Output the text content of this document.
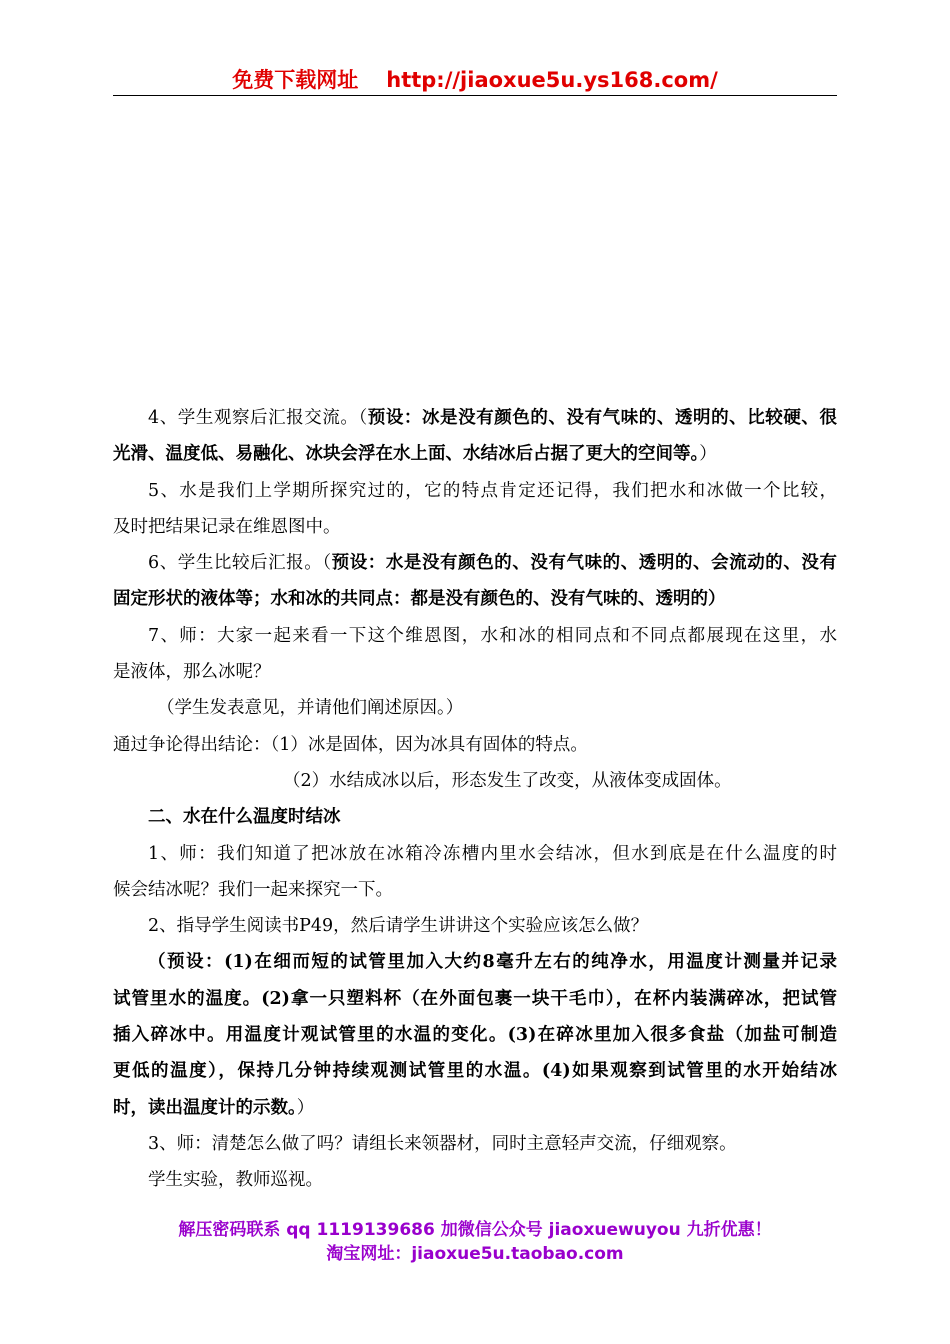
免费下载网址 http://jiaoxue5u.ys168.com/
4、学生观察后汇报交流。（预设：冰是没有颜色的、没有气味的、透明的、比较硬、很
光滑、温度低、易融化、冰块会浮在水上面、水结冰后占据了更大的空间等。）
5、水是我们上学期所探究过的，它的特点肯定还记得，我们把水和冰做一个比较，
及时把结果记录在维恩图中。
6、学生比较后汇报。（预设：水是没有颜色的、没有气味的、透明的、会流动的、没有
固定形状的液体等；水和冰的共同点：都是没有颜色的、没有气味的、透明的）
7、师：大家一起来看一下这个维恩图，水和冰的相同点和不同点都展现在这里，水
是液体，那么冰呢？
（学生发表意见，并请他们阐述原因。）
通过争论得出结论：（1）冰是固体，因为冰具有固体的特点。
（2）水结成冰以后，形态发生了改变，从液体变成固体。
二、水在什么温度时结冰
1、师：我们知道了把冰放在冰箱冷冻槽内里水会结冰，但水到底是在什么温度的时
候会结冰呢？我们一起来探究一下。
2、指导学生阅读书P49，然后请学生讲讲这个实验应该怎么做？
（预设：(1)在细而短的试管里加入大约8毫升左右的纯净水，用温度计测量并记录
试管里水的温度。(2)拿一只塑料杯（在外面包裹一块干毛巾），在杯内装满碎冰，把试管
插入碎冰中。用温度计观试管里的水温的变化。(3)在碎冰里加入很多食盐（加盐可制造
更低的温度），保持几分钟持续观测试管里的水温。(4)如果观察到试管里的水开始结冰
时，读出温度计的示数。）
3、师：清楚怎么做了吗？请组长来领器材，同时主意轻声交流，仔细观察。
学生实验，教师巡视。
解压密码联系 qq 1119139686 加微信公众号 jiaoxuewuyou 九折优惠！
淘宝网址：jiaoxue5u.taobao.com
